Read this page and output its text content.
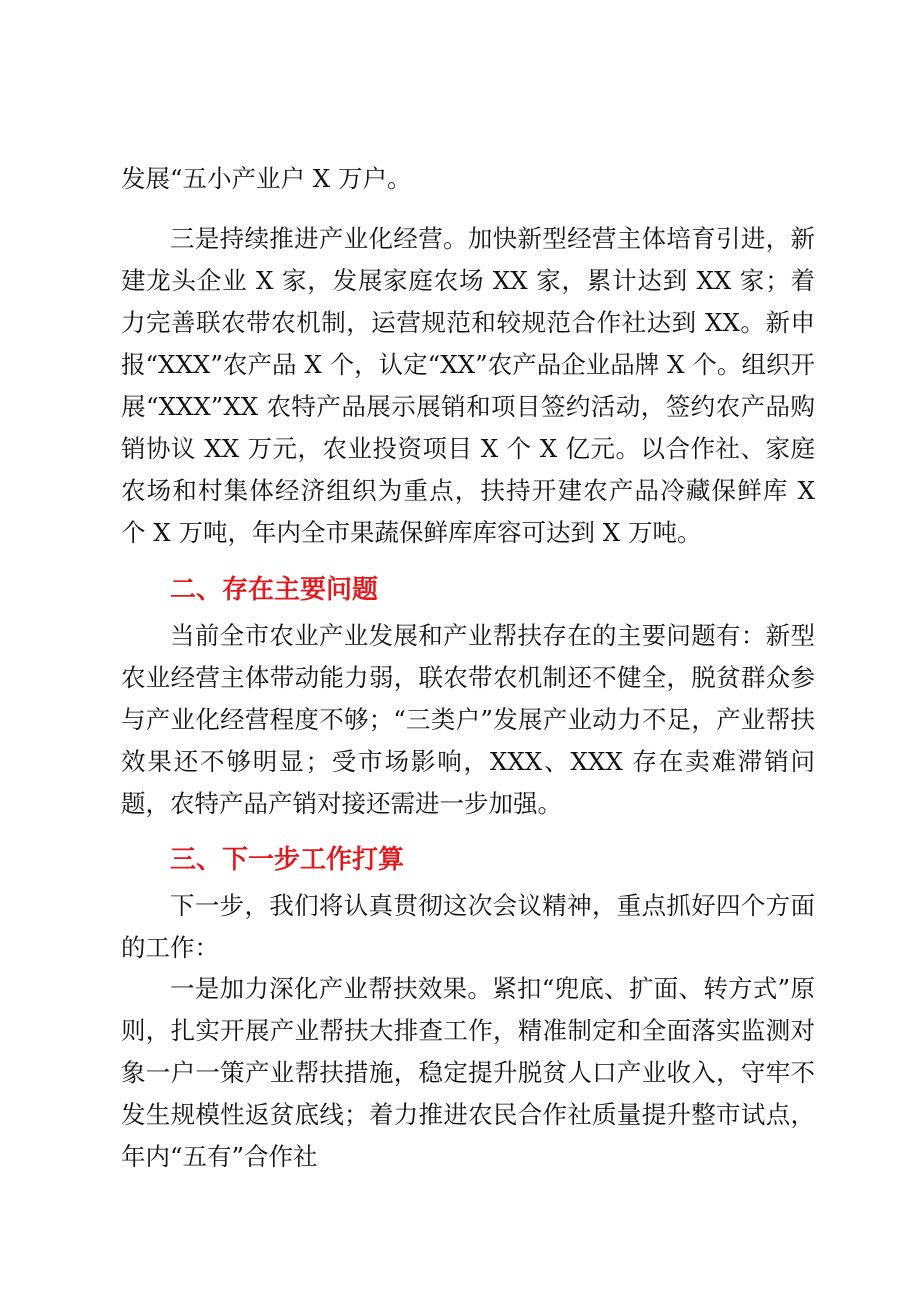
发展“五小产业户 X 万户。

三是持续推进产业化经营。加快新型经营主体培育引进，新建龙头企业 X 家，发展家庭农场 XX 家，累计达到 XX 家；着力完善联农带农机制，运营规范和较规范合作社达到 XX。新申报“XXX”农产品 X 个，认定“XX”农产品企业品牌 X 个。组织开展“XXX”XX 农特产品展示展销和项目签约活动，签约农产品购销协议 XX 万元，农业投资项目 X 个 X 亿元。以合作社、家庭农场和村集体经济组织为重点，扶持开建农产品冷藏保鲜库 X 个 X 万吨，年内全市果蔬保鲜库库容可达到 X 万吨。

二、存在主要问题

当前全市农业产业发展和产业帮扶存在的主要问题有：新型农业经营主体带动能力弱，联农带农机制还不健全，脱贫群众参与产业化经营程度不够；“三类户”发展产业动力不足，产业帮扶效果还不够明显；受市场影响，XXX、XXX 存在卖难滞销问题，农特产品产销对接还需进一步加强。

三、下一步工作打算

下一步，我们将认真贯彻这次会议精神，重点抓好四个方面的工作：

一是加力深化产业帮扶效果。紧扣“兜底、扩面、转方式”原则，扎实开展产业帮扶大排查工作，精准制定和全面落实监测对象一户一策产业帮扶措施，稳定提升脱贫人口产业收入，守牢不发生规模性返贫底线；着力推进农民合作社质量提升整市试点，年内“五有”合作社
